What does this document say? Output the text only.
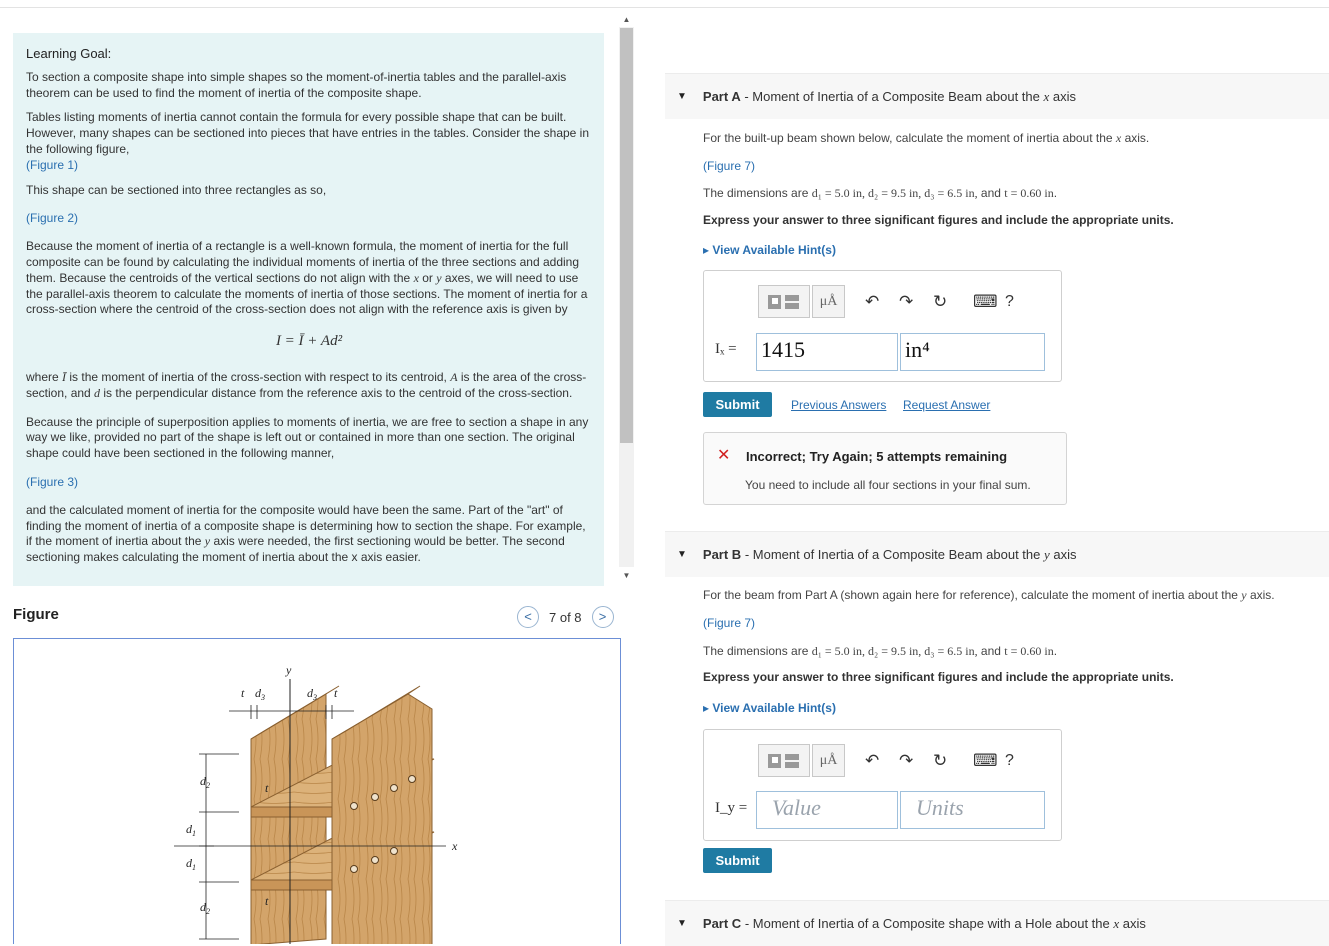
Learning Goal:

To section a composite shape into simple shapes so the moment-of-inertia tables and the parallel-axis theorem can be used to find the moment of inertia of the composite shape.

Tables listing moments of inertia cannot contain the formula for every possible shape that can be built. However, many shapes can be sectioned into pieces that have entries in the tables. Consider the shape in the following figure,
(Figure 1)

This shape can be sectioned into three rectangles as so,

(Figure 2)

Because the moment of inertia of a rectangle is a well-known formula, the moment of inertia for the full composite can be found by calculating the individual moments of inertia of the three sections and adding them. Because the centroids of the vertical sections do not align with the x or y axes, we will need to use the parallel-axis theorem to calculate the moments of inertia of those sections. The moment of inertia for a cross-section where the centroid of the cross-section does not align with the reference axis is given by

I = Ī + Ad²

where Ī is the moment of inertia of the cross-section with respect to its centroid, A is the area of the cross-section, and d is the perpendicular distance from the reference axis to the centroid of the cross-section.

Because the principle of superposition applies to moments of inertia, we are free to section a shape in any way we like, provided no part of the shape is left out or contained in more than one section. The original shape could have been sectioned in the following manner,

(Figure 3)

and the calculated moment of inertia for the composite would have been the same. Part of the "art" of finding the moment of inertia of a composite shape is determining how to section the shape. For example, if the moment of inertia about the y axis were needed, the first sectioning would be better. The second sectioning makes calculating the moment of inertia about the x axis easier.

▲
▼
Figure	<	7 of 8	>
y
x
$d_2$
$d_1$
$d_1$
$d_2$
$d_3$	$d_3$
t	t
t
t
▼ Part A - Moment of Inertia of a Composite Beam about the x axis
For the built-up beam shown below, calculate the moment of inertia about the x axis.
(Figure 7)
The dimensions are d₁ = 5.0 in, d₂ = 9.5 in, d₃ = 6.5 in, and t = 0.60 in.
Express your answer to three significant figures and include the appropriate units.
▸ View Available Hint(s)
μÅ	↶ ↷ ↻ ⌨ ?
Iₓ = 1415	in⁴
Submit	Previous Answers Request Answer
✕ Incorrect; Try Again; 5 attempts remaining
You need to include all four sections in your final sum.
▼ Part B - Moment of Inertia of a Composite Beam about the y axis
For the beam from Part A (shown again here for reference), calculate the moment of inertia about the y axis.
(Figure 7)
The dimensions are d₁ = 5.0 in, d₂ = 9.5 in, d₃ = 6.5 in, and t = 0.60 in.
Express your answer to three significant figures and include the appropriate units.
▸ View Available Hint(s)
μÅ	↶ ↷ ↻ ⌨ ?
I_y =	Value	Units
Submit
▼ Part C - Moment of Inertia of a Composite shape with a Hole about the x axis
